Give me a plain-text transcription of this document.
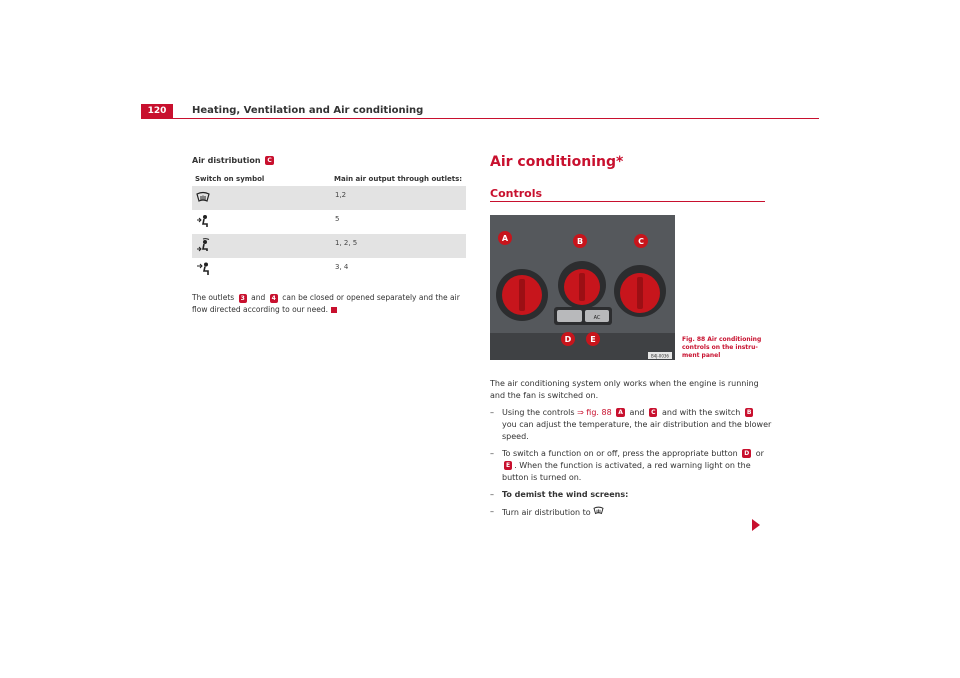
120	Heating, Ventilation and Air conditioning
Air distribution C
Switch on symbol	Main air output through outlets:
1,2
5
1, 2, 5
3, 4
The outlets 3 and 4 can be closed or opened separately and the air flow directed according to our need.
Air conditioning*
Controls
AC
A	B	C
D E
B4J-0036
Fig. 88 Air conditioning controls on the instru-ment panel

The air conditioning system only works when the engine is running and the fan is switched on.

–	Using the controls ⇒ fig. 88 A and C and with the switch B you can adjust the temperature, the air distribution and the blower speed.
–	To switch a function on or off, press the appropriate button D or E . When the function is activated, a red warning light on the button is turned on.
–	To demist the wind screens:
–	Turn air distribution to
